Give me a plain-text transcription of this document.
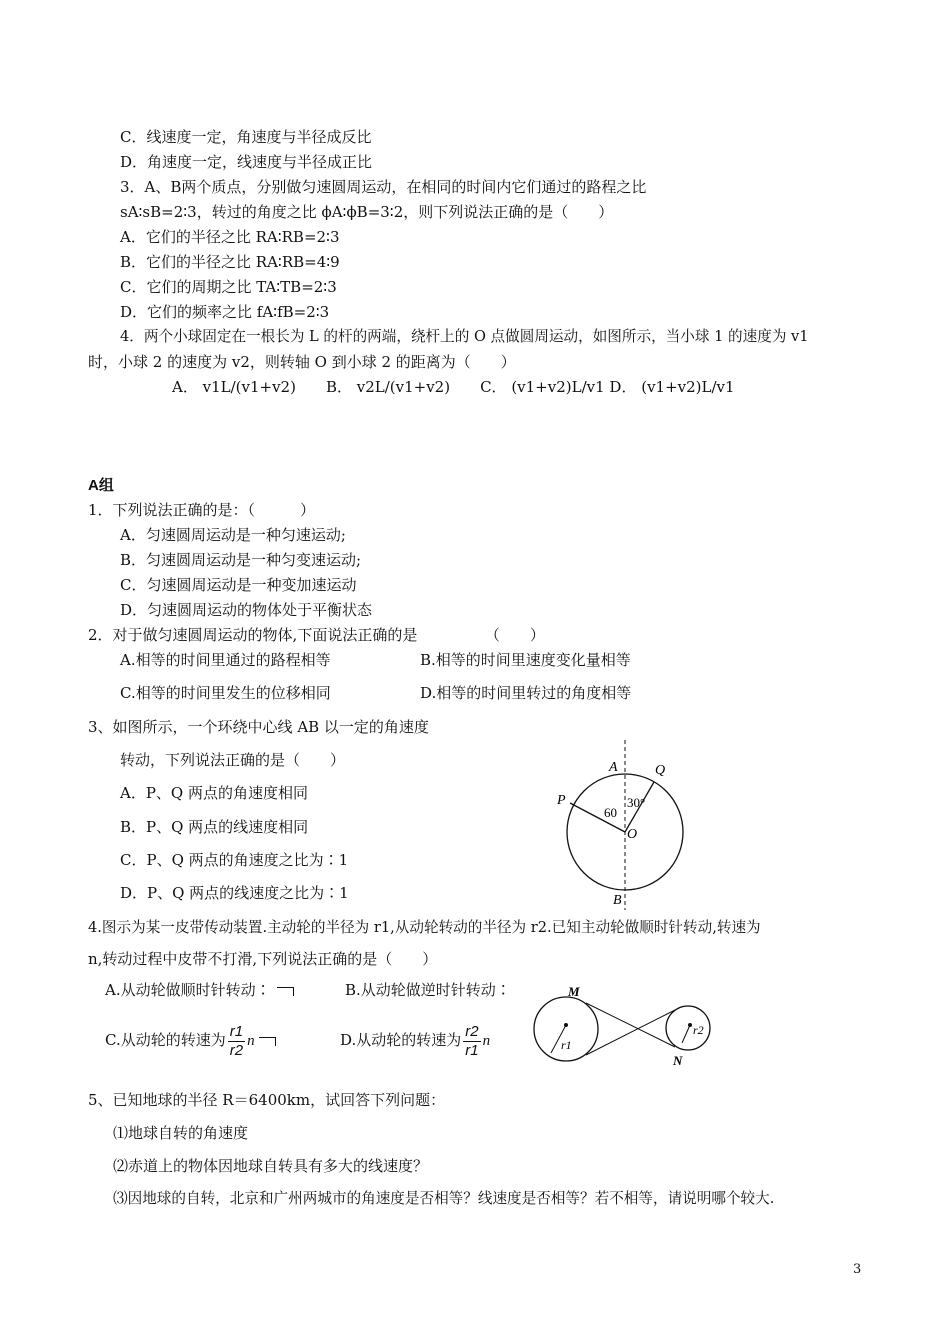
C．线速度一定，角速度与半径成反比
D．角速度一定，线速度与半径成正比
3．A、B两个质点，分别做匀速圆周运动，在相同的时间内它们通过的路程之比
sA∶sB=2∶3，转过的角度之比 ϕA∶ϕB=3∶2，则下列说法正确的是（　　）
A．它们的半径之比 RA∶RB=2∶3
B．它们的半径之比 RA∶RB=4∶9
C．它们的周期之比 TA∶TB=2∶3
D．它们的频率之比 fA∶fB=2∶3
4．两个小球固定在一根长为 L 的杆的两端，绕杆上的 O 点做圆周运动，如图所示，当小球 1 的速度为 v1
时，小球 2 的速度为 v2，则转轴 O 到小球 2 的距离为（　　）
A． v1L/(v1+v2)　　B． v2L/(v1+v2)　　C． (v1+v2)L/v1 D． (v1+v2)L/v1
A组
1．下列说法正确的是：（　　　）
A．匀速圆周运动是一种匀速运动;
B．匀速圆周运动是一种匀变速运动;
C．匀速圆周运动是一种变加速运动
D．匀速圆周运动的物体处于平衡状态
2．对于做匀速圆周运动的物体,下面说法正确的是　　　　　（　　）
A.相等的时间里通过的路程相等	B.相等的时间里速度变化量相等
C.相等的时间里发生的位移相同	D.相等的时间里转过的角度相等
3、如图所示，一个环绕中心线 AB 以一定的角速度
转动，下列说法正确的是（　　）
A．P、Q 两点的角速度相同
B．P、Q 两点的线速度相同
C．P、Q 两点的角速度之比为∶1
D．P、Q 两点的线速度之比为∶1
A
B
P
Q
O
60
30°
4.图示为某一皮带传动装置.主动轮的半径为 r1,从动轮转动的半径为 r2.已知主动轮做顺时针转动,转速为
n,转动过程中皮带不打滑,下列说法正确的是（　　）
A.从动轮做顺时针转动∶	B.从动轮做逆时针转动∶
C.从动轮的转速为 $\frac{r1}{r2}$ n	D.从动轮的转速为 $\frac{r2}{r1}$ n
M
N
r1
r2
5、已知地球的半径 R＝6400km，试回答下列问题：
⑴地球自转的角速度
⑵赤道上的物体因地球自转具有多大的线速度？
⑶因地球的自转，北京和广州两城市的角速度是否相等？线速度是否相等？若不相等，请说明哪个较大.
3
